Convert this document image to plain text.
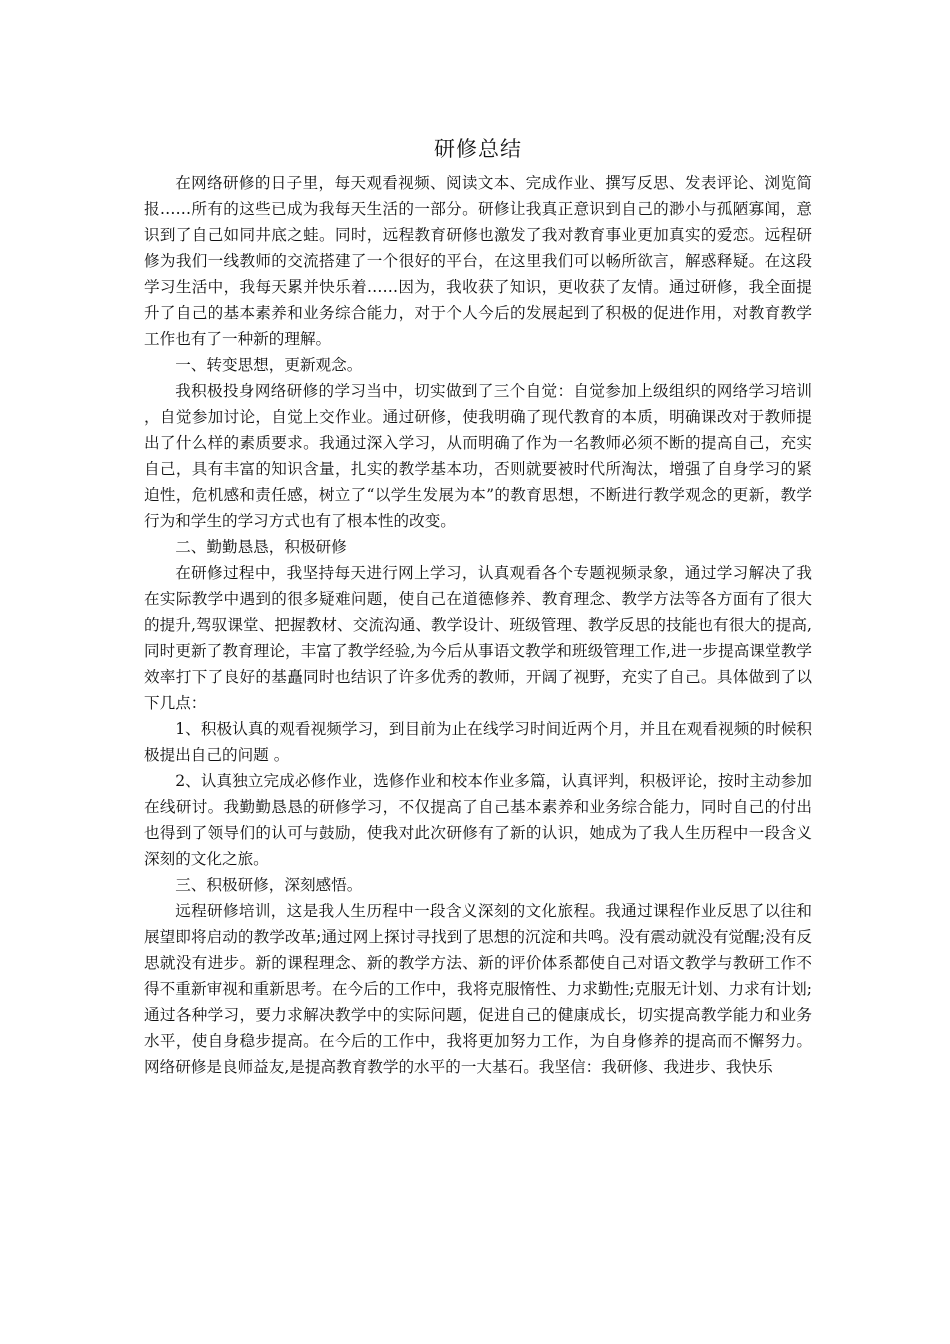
研修总结

在网络研修的日子里，每天观看视频、阅读文本、完成作业、撰写反思、发表评论、浏览简报……所有的这些已成为我每天生活的一部分。研修让我真正意识到自己的渺小与孤陋寡闻，意识到了自己如同井底之蛙。同时，远程教育研修也激发了我对教育事业更加真实的爱恋。远程研修为我们一线教师的交流搭建了一个很好的平台，在这里我们可以畅所欲言，解惑释疑。在这段学习生活中，我每天累并快乐着……因为，我收获了知识，更收获了友情。通过研修，我全面提升了自己的基本素养和业务综合能力，对于个人今后的发展起到了积极的促进作用，对教育教学工作也有了一种新的理解。

一、转变思想，更新观念。

我积极投身网络研修的学习当中，切实做到了三个自觉：自觉参加上级组织的网络学习培训，自觉参加讨论，自觉上交作业。通过研修，使我明确了现代教育的本质，明确课改对于教师提出了什么样的素质要求。我通过深入学习，从而明确了作为一名教师必须不断的提高自己，充实自己，具有丰富的知识含量，扎实的教学基本功，否则就要被时代所淘汰，增强了自身学习的紧迫性，危机感和责任感，树立了“以学生发展为本”的教育思想，不断进行教学观念的更新，教学行为和学生的学习方式也有了根本性的改变。

二、勤勤恳恳，积极研修

在研修过程中，我坚持每天进行网上学习，认真观看各个专题视频录象，通过学习解决了我在实际教学中遇到的很多疑难问题，使自己在道德修养、教育理念、教学方法等各方面有了很大的提升,驾驭课堂、把握教材、交流沟通、教学设计、班级管理、教学反思的技能也有很大的提高,同时更新了教育理论，丰富了教学经验,为今后从事语文教学和班级管理工作,进一步提高课堂教学效率打下了良好的基矗同时也结识了许多优秀的教师，开阔了视野，充实了自己。具体做到了以下几点：

1、积极认真的观看视频学习，到目前为止在线学习时间近两个月，并且在观看视频的时候积极提出自己的问题 。

2、认真独立完成必修作业，选修作业和校本作业多篇，认真评判，积极评论，按时主动参加在线研讨。我勤勤恳恳的研修学习，不仅提高了自己基本素养和业务综合能力，同时自己的付出也得到了领导们的认可与鼓励，使我对此次研修有了新的认识，她成为了我人生历程中一段含义深刻的文化之旅。

三、积极研修，深刻感悟。

远程研修培训，这是我人生历程中一段含义深刻的文化旅程。我通过课程作业反思了以往和展望即将启动的教学改革;通过网上探讨寻找到了思想的沉淀和共鸣。没有震动就没有觉醒;没有反思就没有进步。新的课程理念、新的教学方法、新的评价体系都使自己对语文教学与教研工作不得不重新审视和重新思考。在今后的工作中，我将克服惰性、力求勤性;克服无计划、力求有计划; 通过各种学习，要力求解决教学中的实际问题，促进自己的健康成长，切实提高教学能力和业务水平，使自身稳步提高。在今后的工作中，我将更加努力工作，为自身修养的提高而不懈努力。网络研修是良师益友,是提高教育教学的水平的一大基石。我坚信：我研修、我进步、我快乐
